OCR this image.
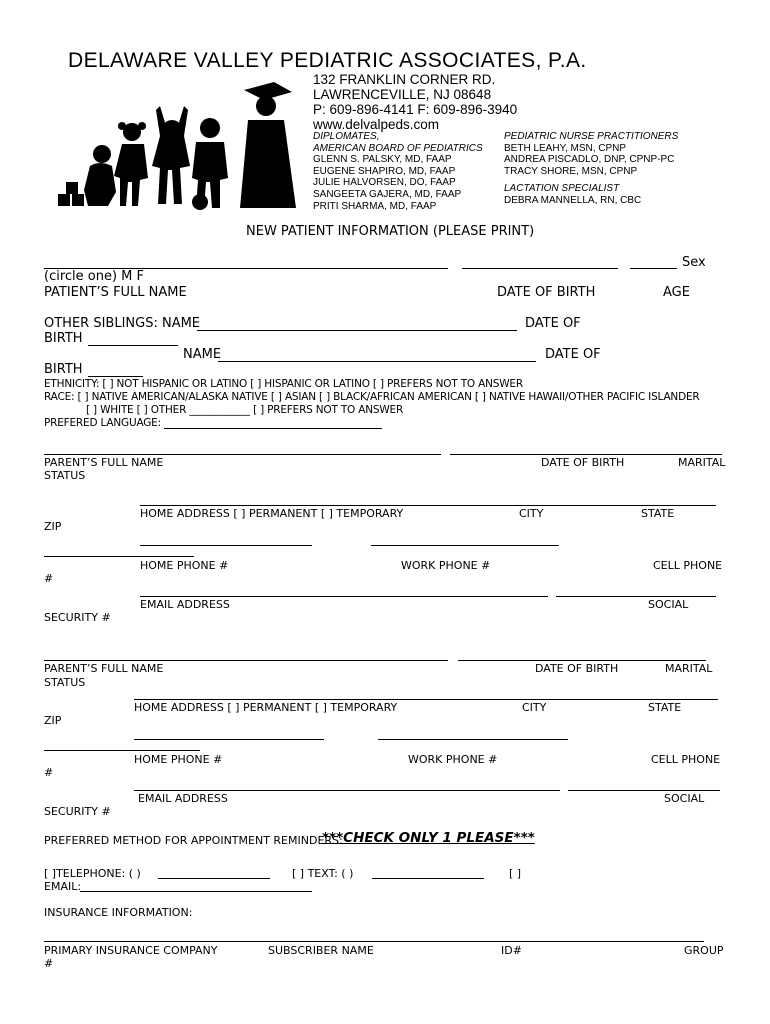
DELAWARE VALLEY PEDIATRIC ASSOCIATES, P.A.
132 FRANKLIN CORNER RD.
LAWRENCEVILLE, NJ 08648
P: 609-896-4141 F: 609-896-3940
www.delvalpeds.com
DIPLOMATES,
AMERICAN BOARD OF PEDIATRICS
GLENN S. PALSKY, MD, FAAP
EUGENE SHAPIRO, MD, FAAP
JULIE HALVORSEN, DO, FAAP
SANGEETA GAJERA, MD, FAAP
PRITI SHARMA, MD, FAAP
PEDIATRIC NURSE PRACTITIONERS
BETH LEAHY, MSN, CPNP
ANDREA PISCADLO, DNP, CPNP-PC
TRACY SHORE, MSN, CPNP
LACTATION SPECIALIST
DEBRA MANNELLA, RN, CBC
NEW PATIENT INFORMATION (PLEASE PRINT)
Sex
(circle one) M F
PATIENT’S FULL NAME	DATE OF BIRTH	AGE
OTHER SIBLINGS: NAME	DATE OF
BIRTH
NAME	DATE OF
BIRTH
ETHNICITY: [ ] NOT HISPANIC OR LATINO [ ] HISPANIC OR LATINO [ ] PREFERS NOT TO ANSWER
RACE: [ ] NATIVE AMERICAN/ALASKA NATIVE [ ] ASIAN [ ] BLACK/AFRICAN AMERICAN [ ] NATIVE HAWAII/OTHER PACIFIC ISLANDER
[ ] WHITE [ ] OTHER ____________ [ ] PREFERS NOT TO ANSWER
PREFERED LANGUAGE:
PARENT’S FULL NAME	DATE OF BIRTH	MARITAL
STATUS
HOME ADDRESS [ ] PERMANENT [ ] TEMPORARY	CITY	STATE
ZIP
HOME PHONE #	WORK PHONE #	CELL PHONE
#
EMAIL ADDRESS	SOCIAL
SECURITY #
PARENT’S FULL NAME	DATE OF BIRTH	MARITAL
STATUS
HOME ADDRESS [ ] PERMANENT [ ] TEMPORARY	CITY	STATE
ZIP
HOME PHONE #	WORK PHONE #	CELL PHONE
#
EMAIL ADDRESS	SOCIAL
SECURITY #
PREFERRED METHOD FOR APPOINTMENT REMINDERS:
***CHECK ONLY 1 PLEASE***
[ ]TELEPHONE: ( )	[ ] TEXT: ( )	[ ]
EMAIL:
INSURANCE INFORMATION:
PRIMARY INSURANCE COMPANY	SUBSCRIBER NAME	ID#	GROUP
#
